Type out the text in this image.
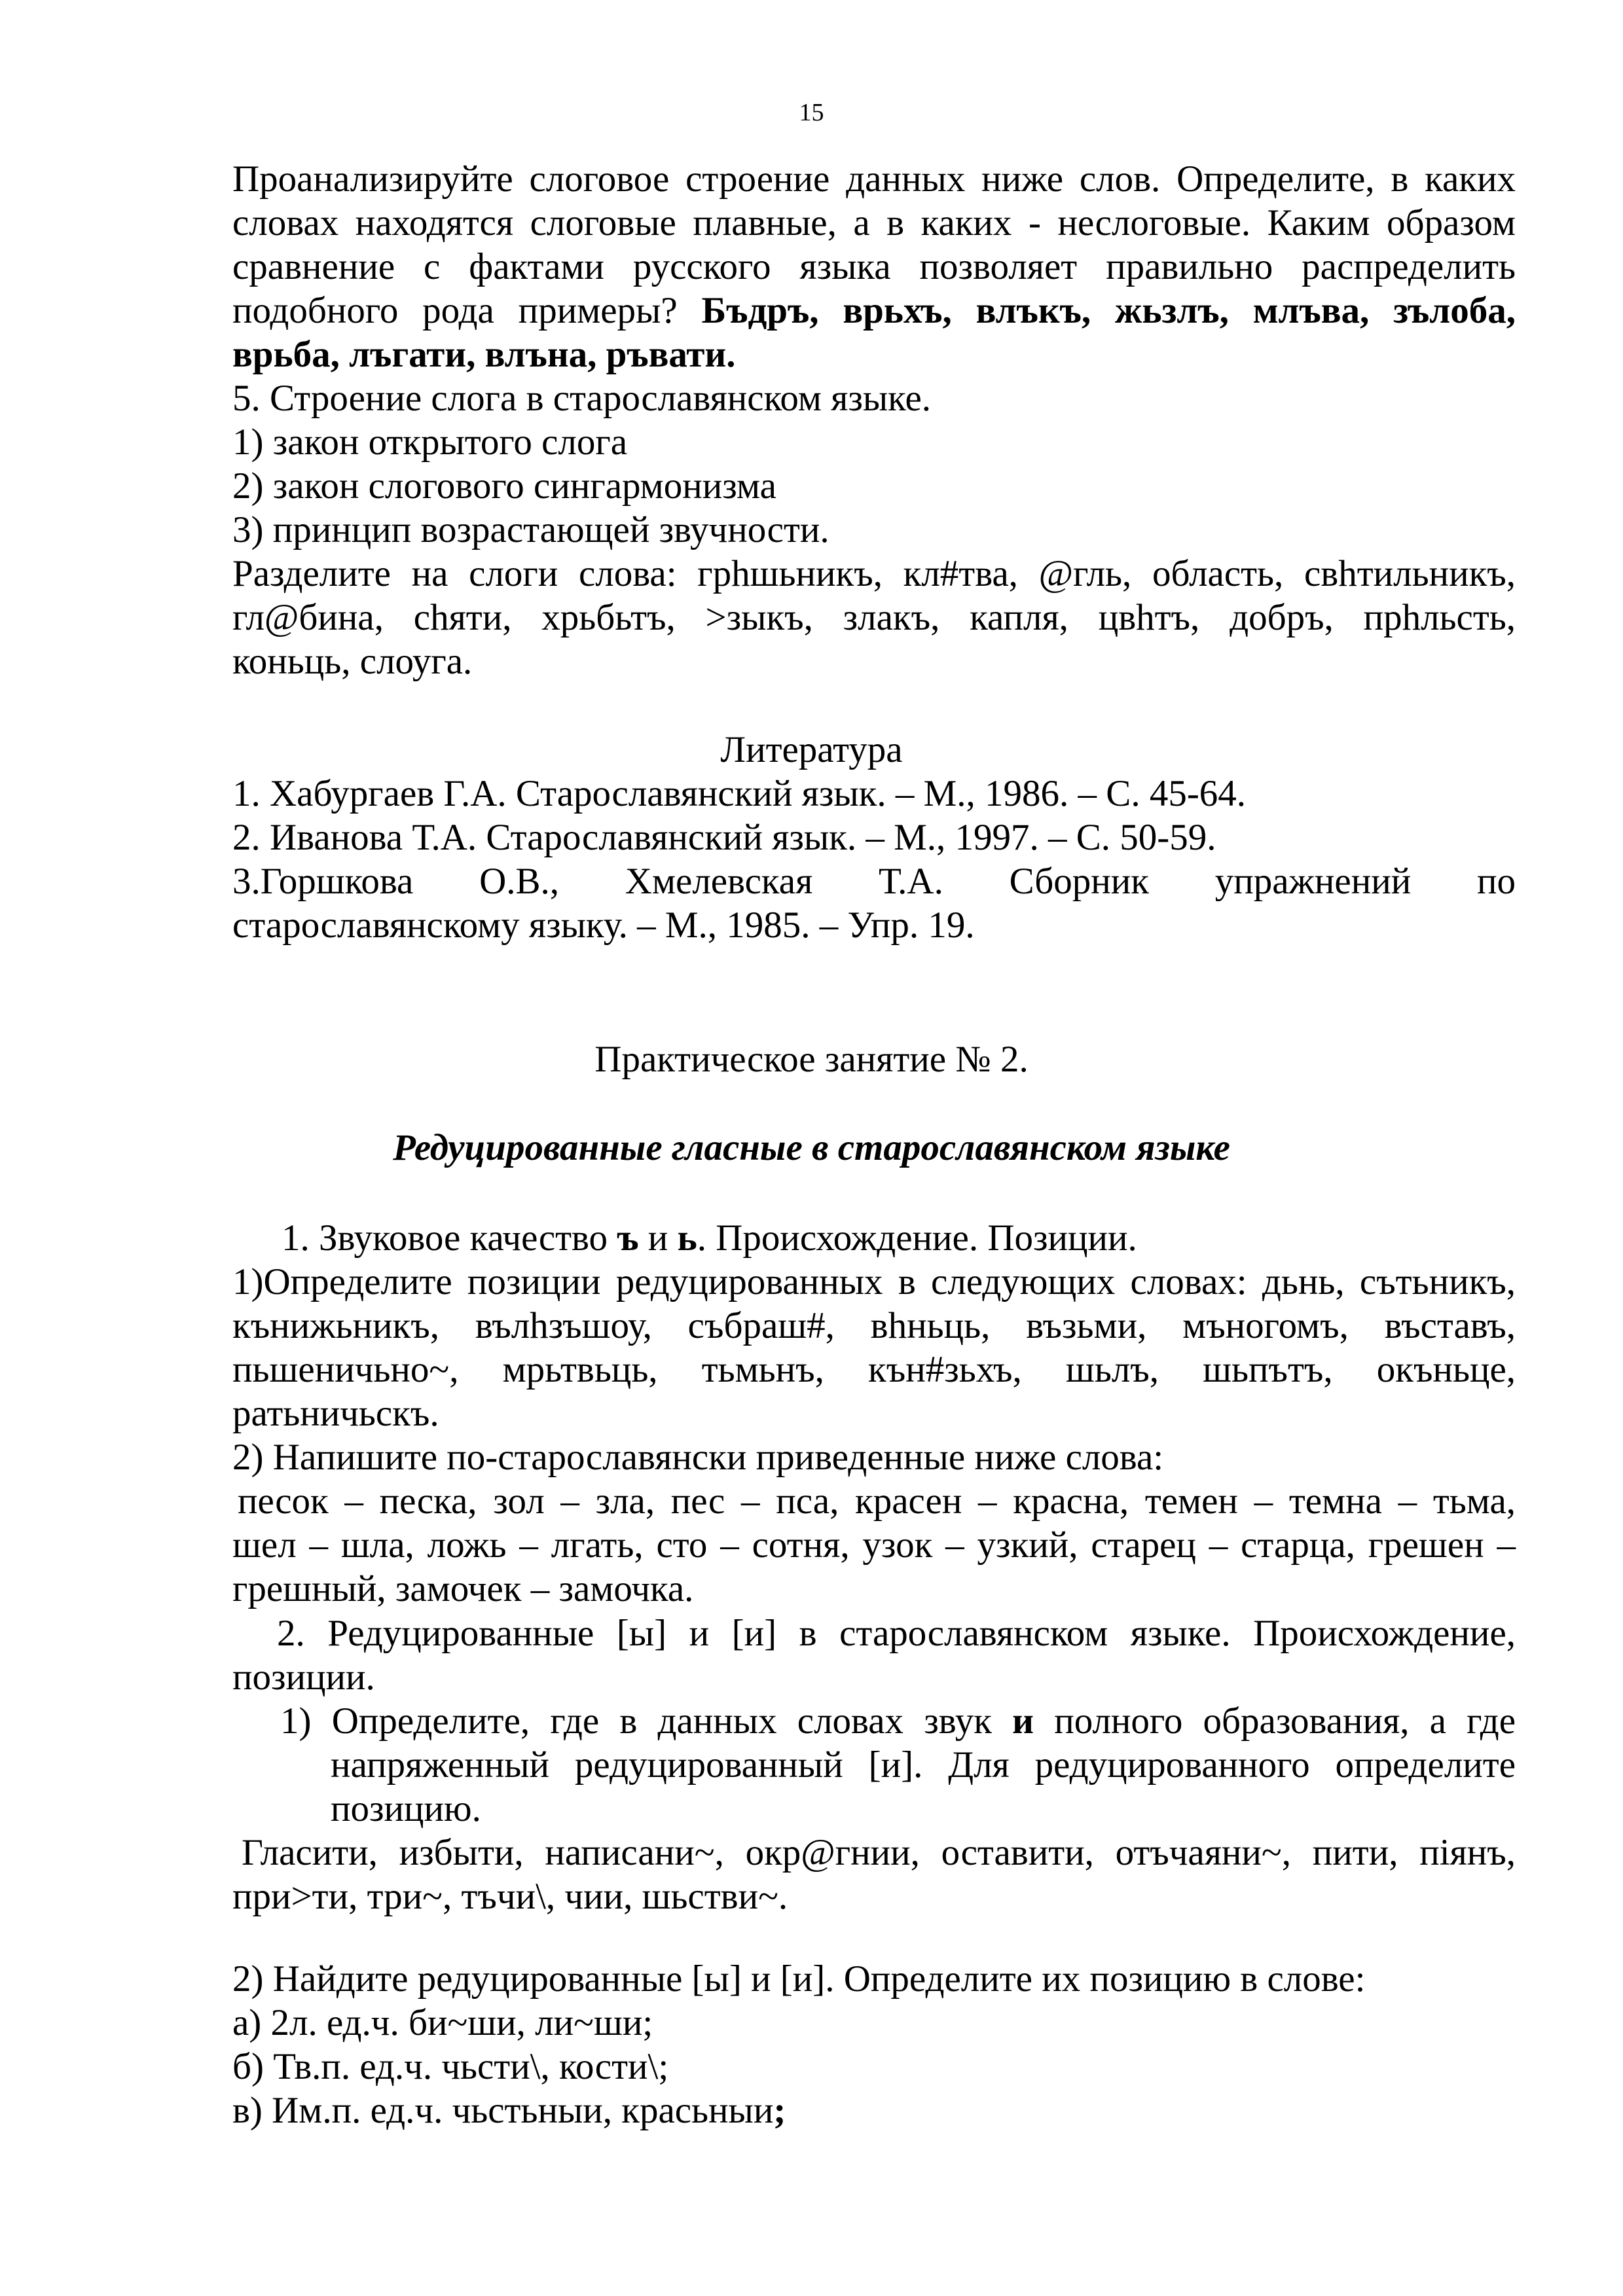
15
Проанализируйте слоговое строение данных ниже слов. Определите, в каких
словах находятся слоговые плавные, а в каких - неслоговые. Каким образом
сравнение с фактами русского языка позволяет правильно распределить
подобного рода примеры? Бъдръ, врьхъ, влъкъ, жьзлъ, млъва, зълоба,
врьба, лъгати, влъна, ръвати.
5. Строение слога в старославянском языке.
1) закон открытого слога
2) закон слогового сингармонизма
3) принцип возрастающей звучности.
Разделите на слоги слова: грhшьникъ, кл#тва, @гль, область, свhтильникъ,
гл@бина, сhяти, хрьбьтъ, >зыкъ, злакъ, капля, цвhтъ, добръ, прhльсть,
коньць, слоуга.
Литература
1. Хабургаев Г.А. Старославянский язык. – М., 1986. – С. 45-64.
2. Иванова Т.А. Старославянский язык. – М., 1997. – С. 50-59.
3.Горшкова О.В., Хмелевская Т.А. Сборник упражнений по
старославянскому языку. – М., 1985. – Упр. 19.
Практическое занятие № 2.
Редуцированные гласные в старославянском языке
1. Звуковое качество ъ и ь. Происхождение. Позиции.
1)Определите позиции редуцированных в следующих словах: дьнь, сътьникъ,
кънижьникъ, вълhзъшоу, събраш#, вhньць, възьми, мъногомъ, въставъ,
пьшеничьно~, мрьтвьць, тьмьнъ, кън#зьхъ, шьлъ, шьпътъ, окъньце,
ратьничьскъ.
2) Напишите по-старославянски приведенные ниже слова:
песок – песка, зол – зла, пес – пса, красен – красна, темен – темна – тьма,
шел – шла, ложь – лгать, сто – сотня, узок – узкий, старец – старца, грешен –
грешный, замочек – замочка.
2. Редуцированные [ы] и [и] в старославянском языке. Происхождение,
позиции.
1) Определите, где в данных словах звук и полного образования, а где
напряженный редуцированный [и]. Для редуцированного определите
позицию.
Гласити, избыти, написани~, окр@гнии, оставити, отъчаяни~, пити, піянъ,
при>ти, три~, тъчи\, чии, шьстви~.
2) Найдите редуцированные [ы] и [и]. Определите их позицию в слове:
а) 2л. ед.ч. би~ши, ли~ши;
б) Тв.п. ед.ч. чьсти\, кости\;
в) Им.п. ед.ч. чьстьныи, красьныи;
